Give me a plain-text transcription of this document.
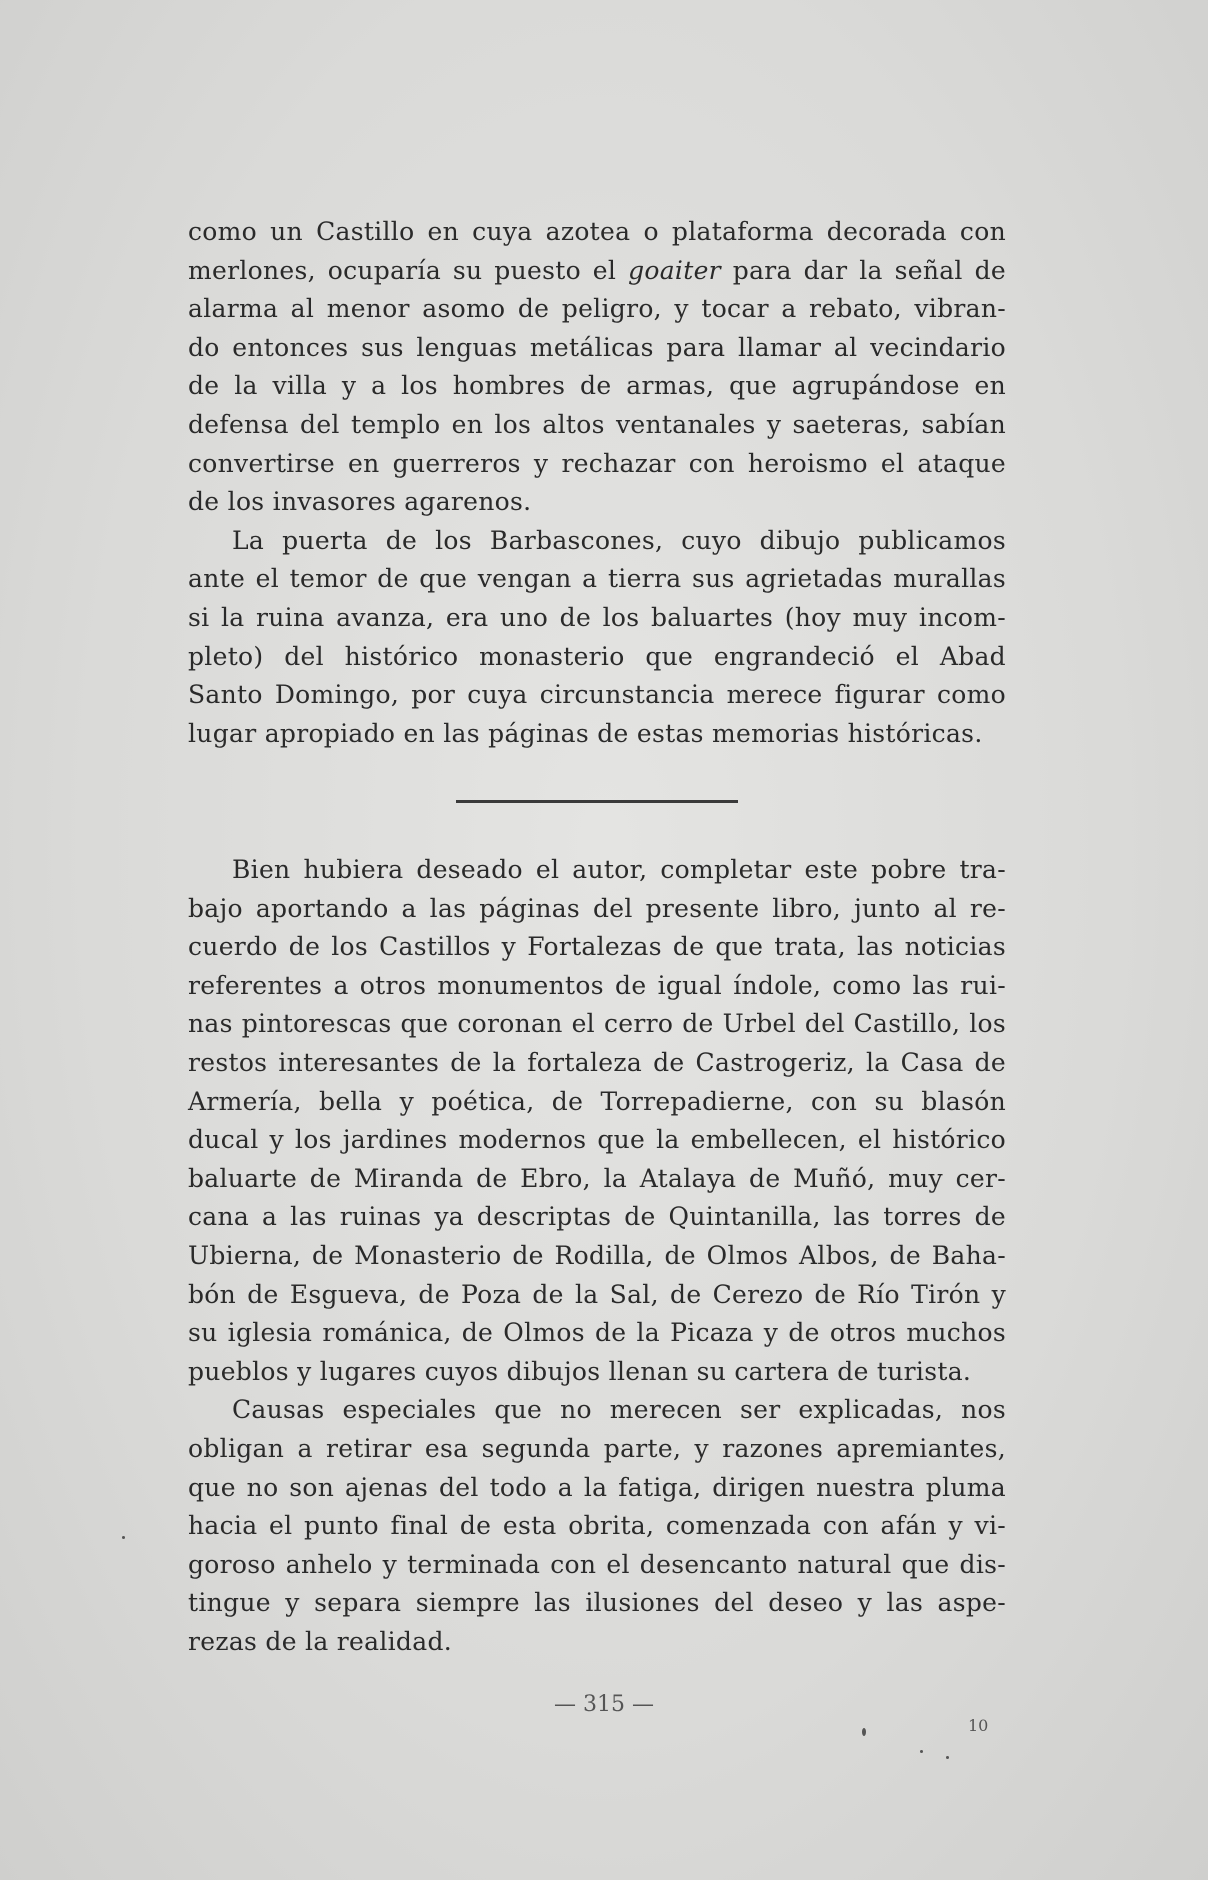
como un Castillo en cuya azotea o plataforma decorada con
merlones, ocuparía su puesto el goaiter para dar la señal de
alarma al menor asomo de peligro, y tocar a rebato, vibran-
do entonces sus lenguas metálicas para llamar al vecindario
de la villa y a los hombres de armas, que agrupándose en
defensa del templo en los altos ventanales y saeteras, sabían
convertirse en guerreros y rechazar con heroismo el ataque
de los invasores agarenos.

La puerta de los Barbascones, cuyo dibujo publicamos
ante el temor de que vengan a tierra sus agrietadas murallas
si la ruina avanza, era uno de los baluartes (hoy muy incom-
pleto) del histórico monasterio que engrandeció el Abad
Santo Domingo, por cuya circunstancia merece figurar como
lugar apropiado en las páginas de estas memorias históricas.

Bien hubiera deseado el autor, completar este pobre tra-
bajo aportando a las páginas del presente libro, junto al re-
cuerdo de los Castillos y Fortalezas de que trata, las noticias
referentes a otros monumentos de igual índole, como las rui-
nas pintorescas que coronan el cerro de Urbel del Castillo, los
restos interesantes de la fortaleza de Castrogeriz, la Casa de
Armería, bella y poética, de Torrepadierne, con su blasón
ducal y los jardines modernos que la embellecen, el histórico
baluarte de Miranda de Ebro, la Atalaya de Muñó, muy cer-
cana a las ruinas ya descriptas de Quintanilla, las torres de
Ubierna, de Monasterio de Rodilla, de Olmos Albos, de Baha-
bón de Esgueva, de Poza de la Sal, de Cerezo de Río Tirón y
su iglesia románica, de Olmos de la Picaza y de otros muchos
pueblos y lugares cuyos dibujos llenan su cartera de turista.

Causas especiales que no merecen ser explicadas, nos
obligan a retirar esa segunda parte, y razones apremiantes,
que no son ajenas del todo a la fatiga, dirigen nuestra pluma
hacia el punto final de esta obrita, comenzada con afán y vi-
goroso anhelo y terminada con el desencanto natural que dis-
tingue y separa siempre las ilusiones del deseo y las aspe-
rezas de la realidad.

— 315 —
10
